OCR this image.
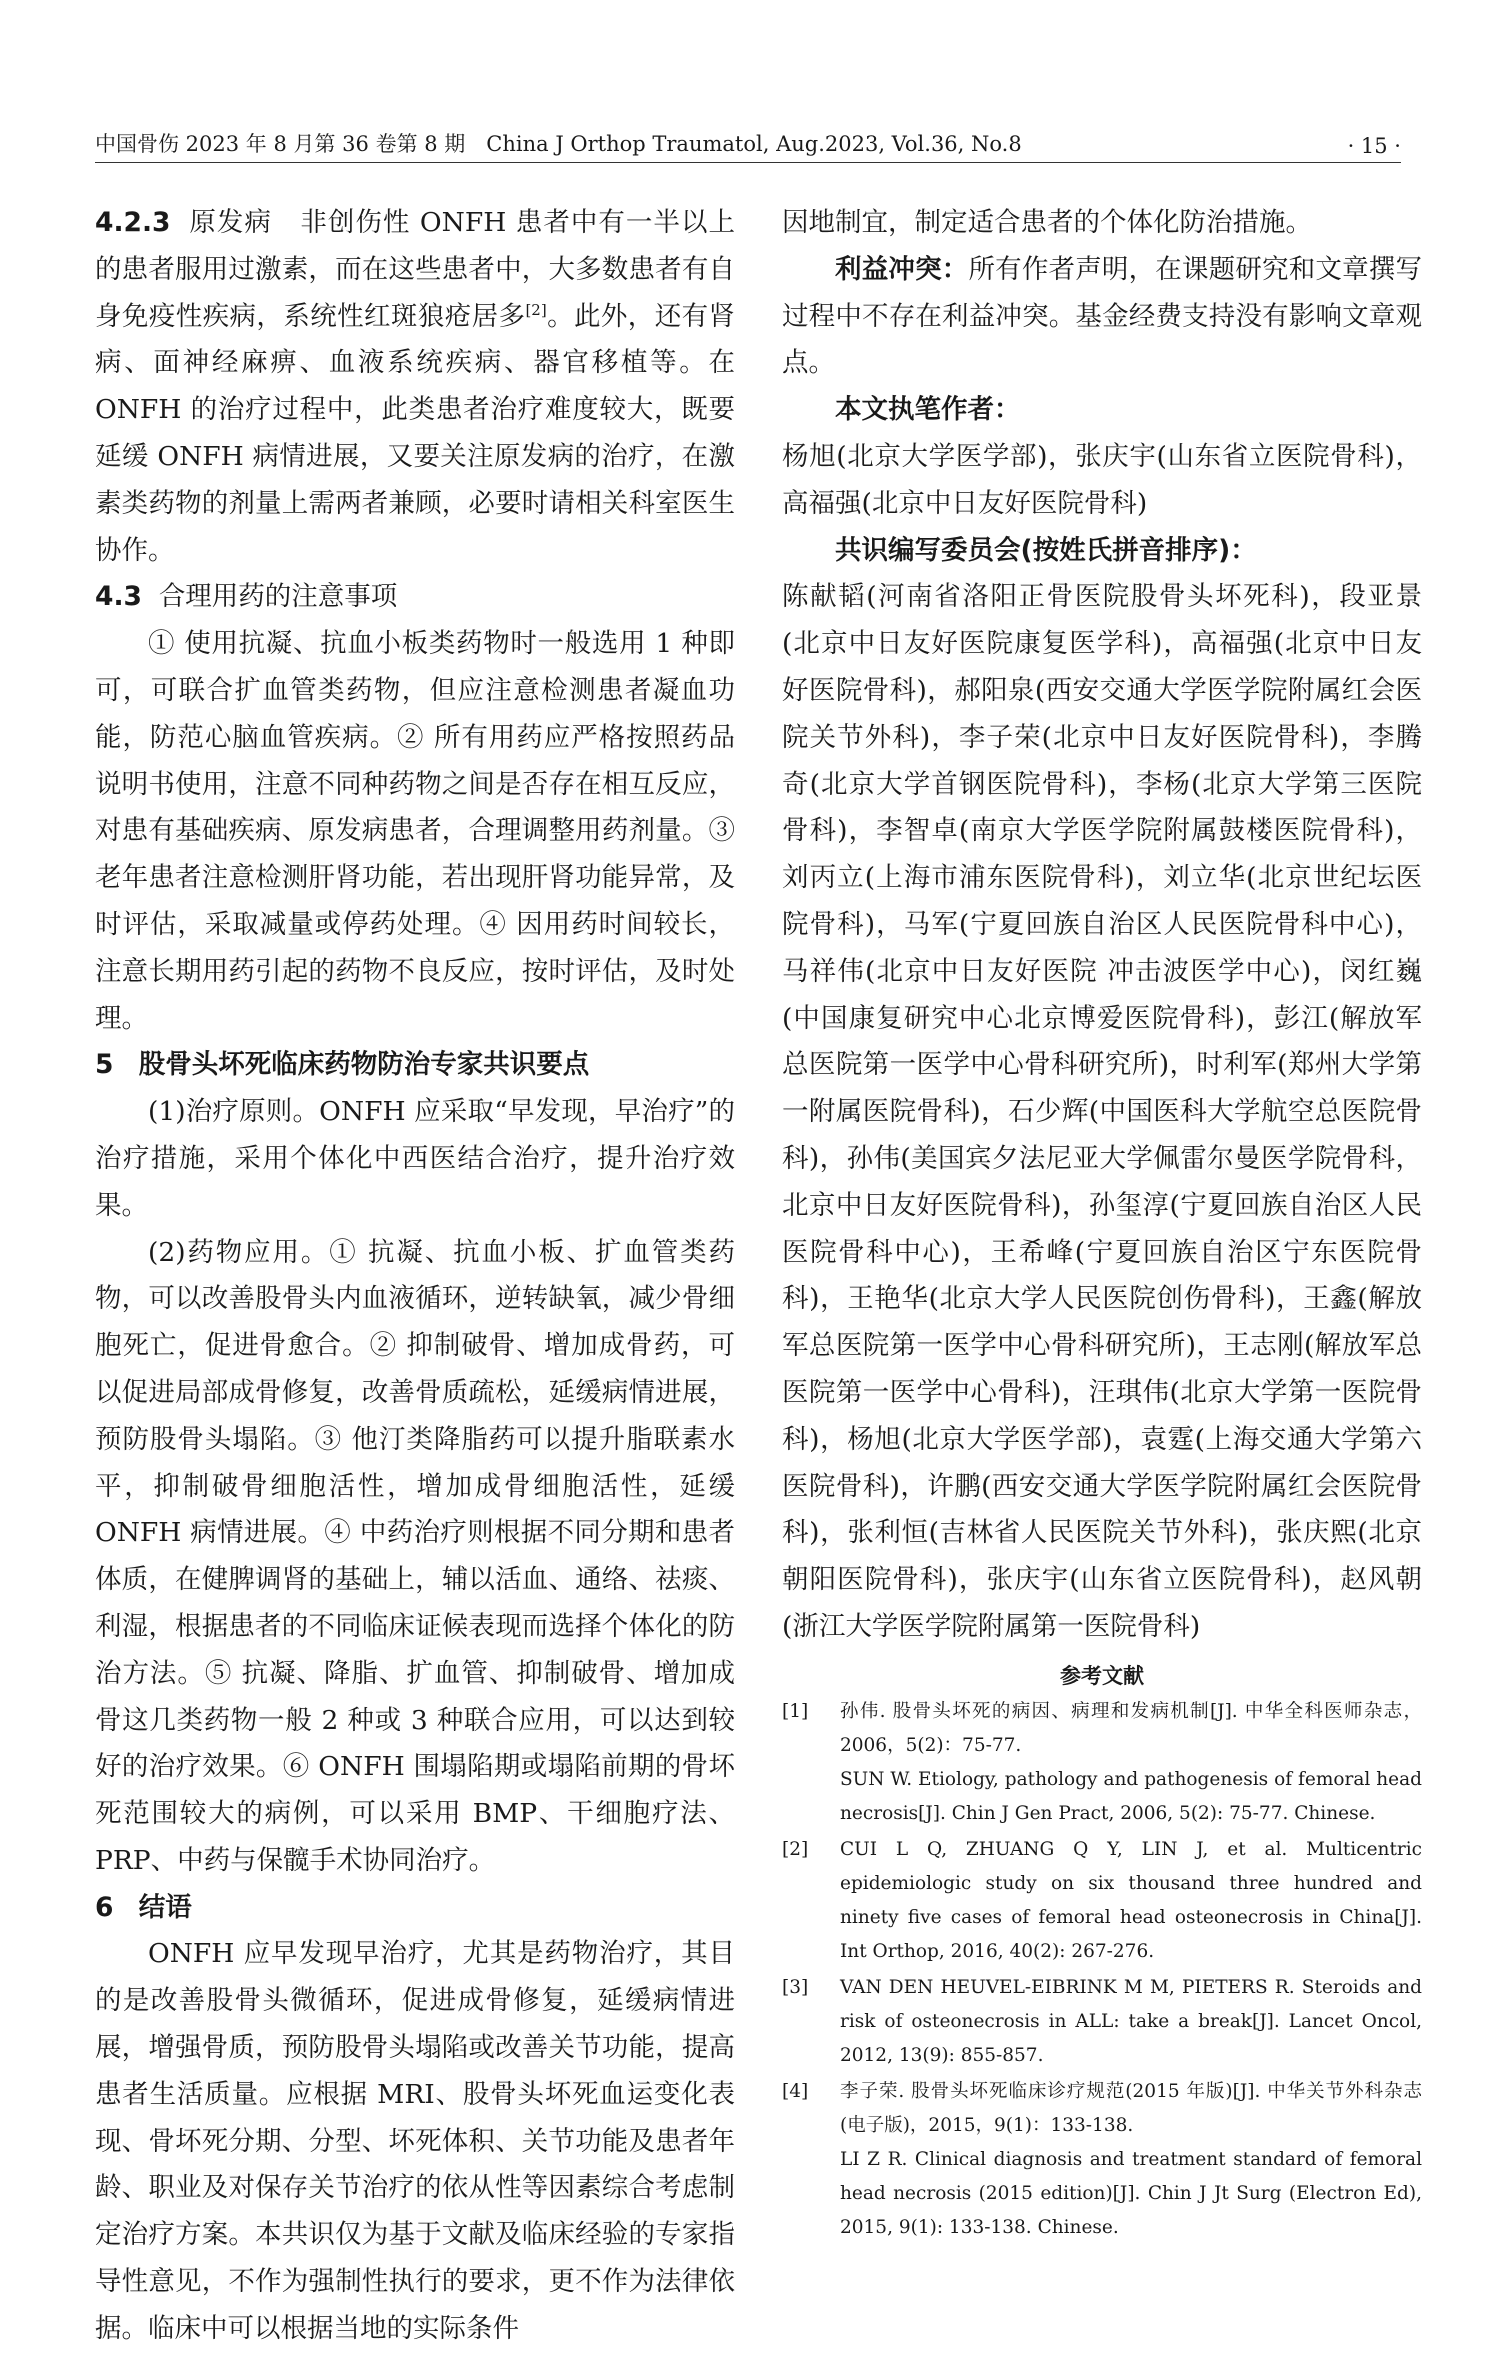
中国骨伤 2023 年 8 月第 36 卷第 8 期　China J Orthop Traumatol, Aug.2023, Vol.36, No.8	· 15 ·

4.2.3 原发病 非创伤性 ONFH 患者中有一半以上的患者服用过激素，而在这些患者中，大多数患者有自身免疫性疾病，系统性红斑狼疮居多[2]。此外，还有肾病、面神经麻痹、血液系统疾病、器官移植等。在 ONFH 的治疗过程中，此类患者治疗难度较大，既要延缓 ONFH 病情进展，又要关注原发病的治疗，在激素类药物的剂量上需两者兼顾，必要时请相关科室医生协作。

4.3 合理用药的注意事项

① 使用抗凝、抗血小板类药物时一般选用 1 种即可，可联合扩血管类药物，但应注意检测患者凝血功能，防范心脑血管疾病。② 所有用药应严格按照药品说明书使用，注意不同种药物之间是否存在相互反应，对患有基础疾病、原发病患者，合理调整用药剂量。③ 老年患者注意检测肝肾功能，若出现肝肾功能异常，及时评估，采取减量或停药处理。④ 因用药时间较长，注意长期用药引起的药物不良反应，按时评估，及时处理。

5 股骨头坏死临床药物防治专家共识要点

(1)治疗原则。ONFH 应采取“早发现，早治疗”的治疗措施，采用个体化中西医结合治疗，提升治疗效果。

(2)药物应用。① 抗凝、抗血小板、扩血管类药物，可以改善股骨头内血液循环，逆转缺氧，减少骨细胞死亡，促进骨愈合。② 抑制破骨、增加成骨药，可以促进局部成骨修复，改善骨质疏松，延缓病情进展，预防股骨头塌陷。③ 他汀类降脂药可以提升脂联素水平，抑制破骨细胞活性，增加成骨细胞活性，延缓 ONFH 病情进展。④ 中药治疗则根据不同分期和患者体质，在健脾调肾的基础上，辅以活血、通络、祛痰、利湿，根据患者的不同临床证候表现而选择个体化的防治方法。⑤ 抗凝、降脂、扩血管、抑制破骨、增加成骨这几类药物一般 2 种或 3 种联合应用，可以达到较好的治疗效果。⑥ ONFH 围塌陷期或塌陷前期的骨坏死范围较大的病例，可以采用 BMP、干细胞疗法、PRP、中药与保髋手术协同治疗。

6 结语

ONFH 应早发现早治疗，尤其是药物治疗，其目的是改善股骨头微循环，促进成骨修复，延缓病情进展，增强骨质，预防股骨头塌陷或改善关节功能，提高患者生活质量。应根据 MRI、股骨头坏死血运变化表现、骨坏死分期、分型、坏死体积、关节功能及患者年龄、职业及对保存关节治疗的依从性等因素综合考虑制定治疗方案。本共识仅为基于文献及临床经验的专家指导性意见，不作为强制性执行的要求，更不作为法律依据。临床中可以根据当地的实际条件

因地制宜，制定适合患者的个体化防治措施。

利益冲突：所有作者声明，在课题研究和文章撰写过程中不存在利益冲突。基金经费支持没有影响文章观点。

本文执笔作者：

杨旭(北京大学医学部)，张庆宇(山东省立医院骨科)，高福强(北京中日友好医院骨科)

共识编写委员会(按姓氏拼音排序)：

陈献韬(河南省洛阳正骨医院股骨头坏死科)，段亚景(北京中日友好医院康复医学科)，高福强(北京中日友好医院骨科)，郝阳泉(西安交通大学医学院附属红会医院关节外科)，李子荣(北京中日友好医院骨科)，李腾奇(北京大学首钢医院骨科)，李杨(北京大学第三医院骨科)，李智卓(南京大学医学院附属鼓楼医院骨科)，刘丙立(上海市浦东医院骨科)，刘立华(北京世纪坛医院骨科)，马军(宁夏回族自治区人民医院骨科中心)，马祥伟(北京中日友好医院 冲击波医学中心)，闵红巍(中国康复研究中心北京博爱医院骨科)，彭江(解放军总医院第一医学中心骨科研究所)，时利军(郑州大学第一附属医院骨科)，石少辉(中国医科大学航空总医院骨科)，孙伟(美国宾夕法尼亚大学佩雷尔曼医学院骨科，北京中日友好医院骨科)，孙玺淳(宁夏回族自治区人民医院骨科中心)，王希峰(宁夏回族自治区宁东医院骨科)，王艳华(北京大学人民医院创伤骨科)，王鑫(解放军总医院第一医学中心骨科研究所)，王志刚(解放军总医院第一医学中心骨科)，汪琪伟(北京大学第一医院骨科)，杨旭(北京大学医学部)，袁霆(上海交通大学第六医院骨科)，许鹏(西安交通大学医学院附属红会医院骨科)，张利恒(吉林省人民医院关节外科)，张庆熙(北京朝阳医院骨科)，张庆宇(山东省立医院骨科)，赵风朝(浙江大学医学院附属第一医院骨科)

参考文献
[1]	孙伟. 股骨头坏死的病因、病理和发病机制[J]. 中华全科医师杂志，2006，5(2)：75-77.
SUN W. Etiology, pathology and pathogenesis of femoral head necrosis[J]. Chin J Gen Pract, 2006, 5(2): 75-77. Chinese.
[2]	CUI L Q, ZHUANG Q Y, LIN J, et al. Multicentric epidemiologic study on six thousand three hundred and ninety five cases of femoral head osteonecrosis in China[J]. Int Orthop, 2016, 40(2): 267-276.
[3]	VAN DEN HEUVEL-EIBRINK M M, PIETERS R. Steroids and risk of osteonecrosis in ALL: take a break[J]. Lancet Oncol, 2012, 13(9): 855-857.
[4]	李子荣. 股骨头坏死临床诊疗规范(2015 年版)[J]. 中华关节外科杂志(电子版)，2015，9(1)：133-138.
LI Z R. Clinical diagnosis and treatment standard of femoral head necrosis (2015 edition)[J]. Chin J Jt Surg (Electron Ed), 2015, 9(1): 133-138. Chinese.
